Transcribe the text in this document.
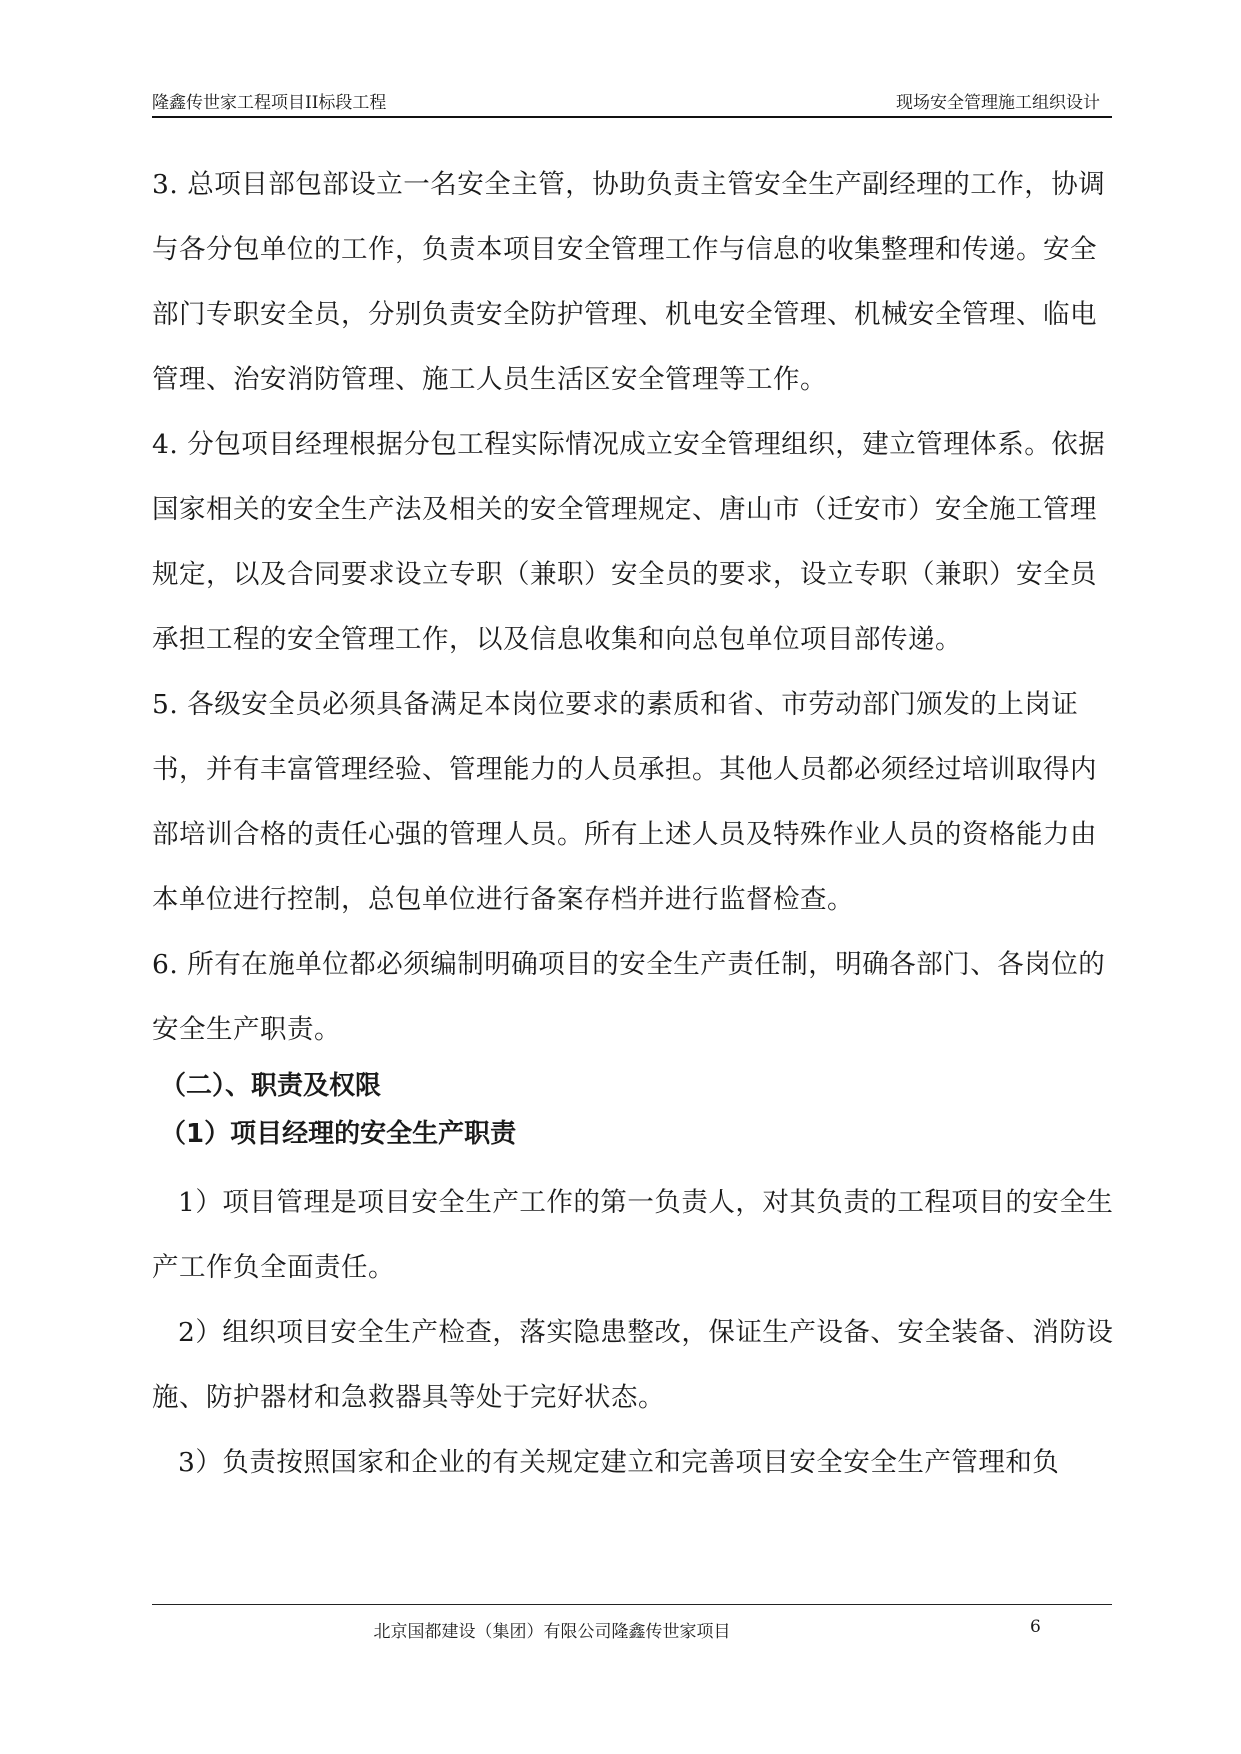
隆鑫传世家工程项目II标段工程	现场安全管理施工组织设计

3. 总项目部包部设立一名安全主管，协助负责主管安全生产副经理的工作，协调与各分包单位的工作，负责本项目安全管理工作与信息的收集整理和传递。安全部门专职安全员，分别负责安全防护管理、机电安全管理、机械安全管理、临电管理、治安消防管理、施工人员生活区安全管理等工作。

4. 分包项目经理根据分包工程实际情况成立安全管理组织，建立管理体系。依据国家相关的安全生产法及相关的安全管理规定、唐山市（迁安市）安全施工管理规定，以及合同要求设立专职（兼职）安全员的要求，设立专职（兼职）安全员承担工程的安全管理工作，以及信息收集和向总包单位项目部传递。

5. 各级安全员必须具备满足本岗位要求的素质和省、市劳动部门颁发的上岗证书，并有丰富管理经验、管理能力的人员承担。其他人员都必须经过培训取得内部培训合格的责任心强的管理人员。所有上述人员及特殊作业人员的资格能力由本单位进行控制，总包单位进行备案存档并进行监督检查。

6. 所有在施单位都必须编制明确项目的安全生产责任制，明确各部门、各岗位的安全生产职责。

（二）、职责及权限

（1）项目经理的安全生产职责

1）项目管理是项目安全生产工作的第一负责人，对其负责的工程项目的安全生产工作负全面责任。

2）组织项目安全生产检查，落实隐患整改，保证生产设备、安全装备、消防设施、防护器材和急救器具等处于完好状态。

3）负责按照国家和企业的有关规定建立和完善项目安全安全生产管理和负

北京国都建设（集团）有限公司隆鑫传世家项目	6
